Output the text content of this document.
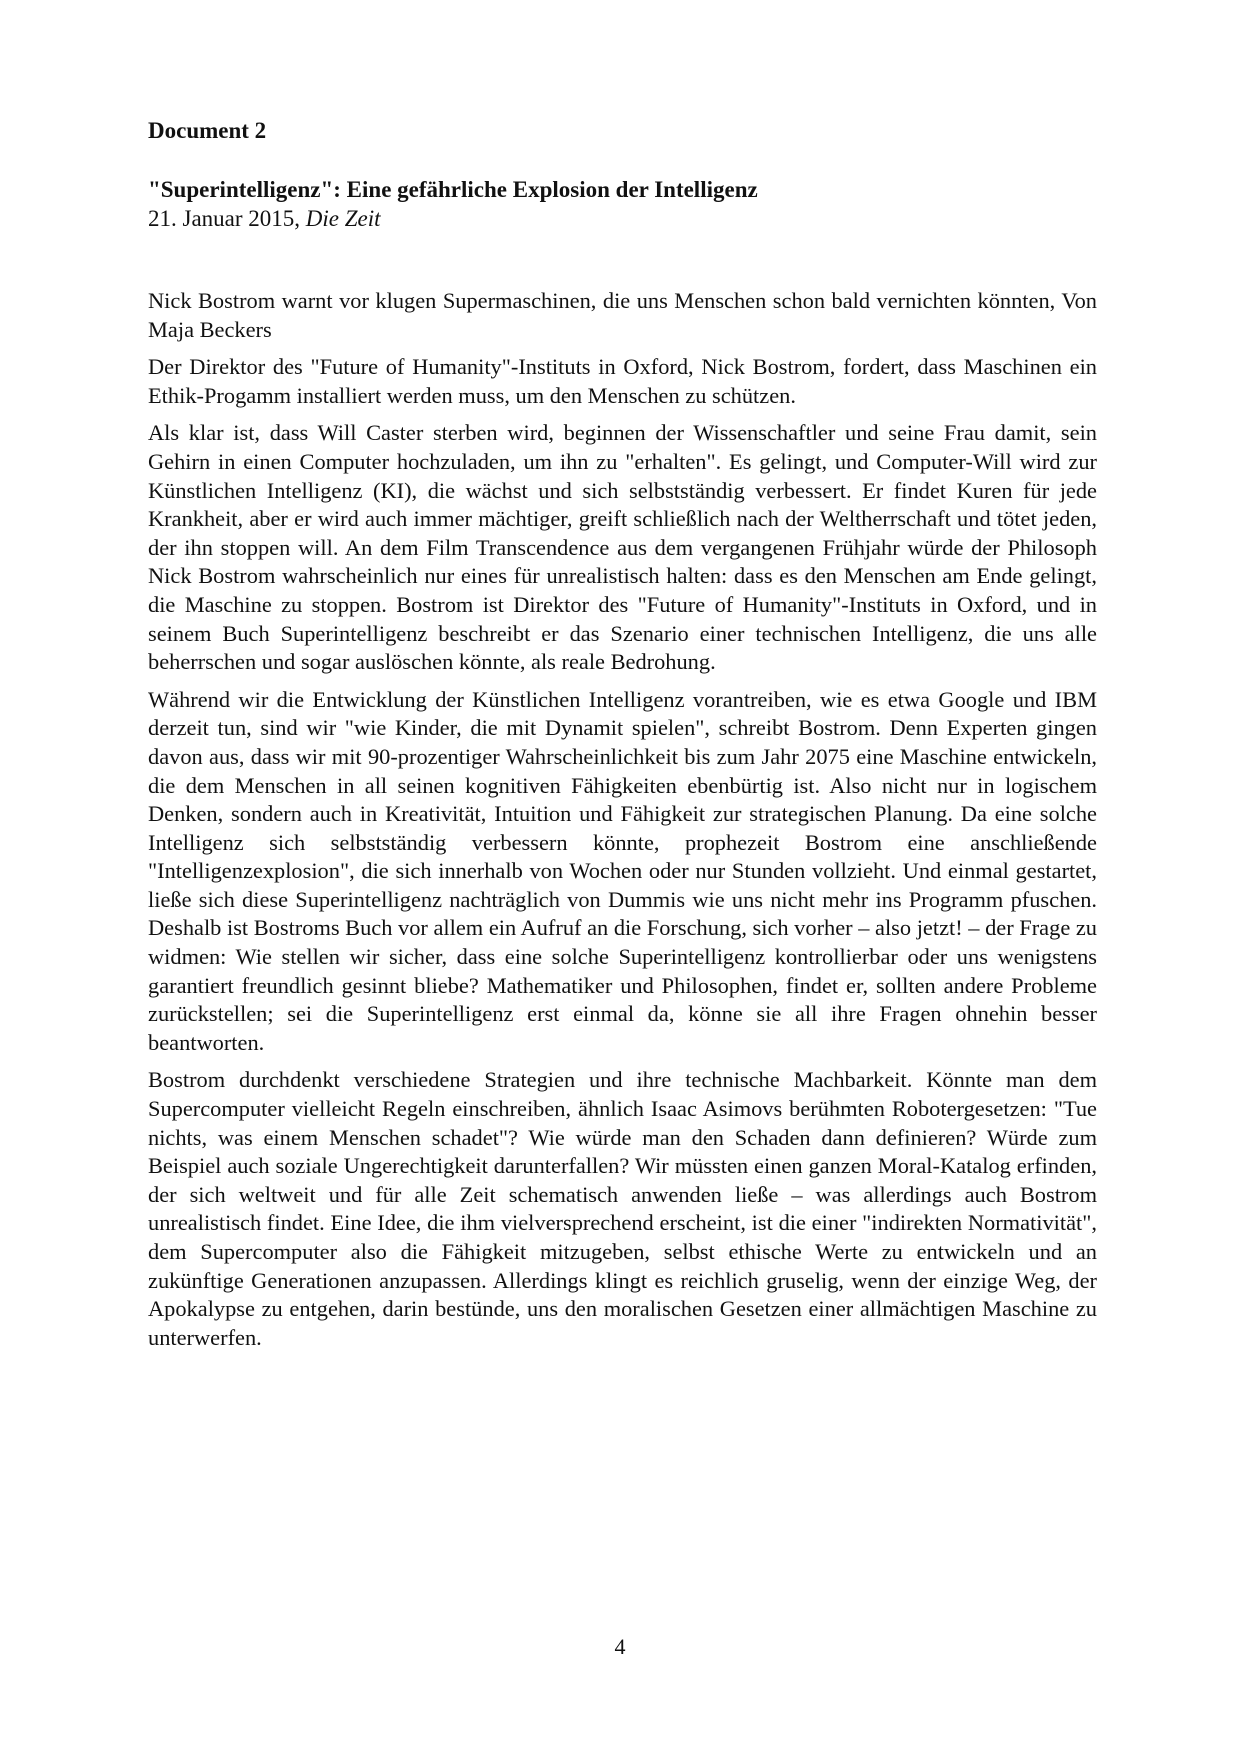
Document 2
"Superintelligenz": Eine gefährliche Explosion der Intelligenz
21. Januar 2015, Die Zeit

Nick Bostrom warnt vor klugen Supermaschinen, die uns Menschen schon bald vernichten könnten, Von Maja Beckers

Der Direktor des "Future of Humanity"-Instituts in Oxford, Nick Bostrom, fordert, dass Maschinen ein Ethik-Progamm installiert werden muss, um den Menschen zu schützen.

Als klar ist, dass Will Caster sterben wird, beginnen der Wissenschaftler und seine Frau damit, sein Gehirn in einen Computer hochzuladen, um ihn zu "erhalten". Es gelingt, und Computer-Will wird zur Künstlichen Intelligenz (KI), die wächst und sich selbstständig verbessert. Er findet Kuren für jede Krankheit, aber er wird auch immer mächtiger, greift schließlich nach der Weltherrschaft und tötet jeden, der ihn stoppen will. An dem Film Transcendence aus dem vergangenen Frühjahr würde der Philosoph Nick Bostrom wahrscheinlich nur eines für unrealistisch halten: dass es den Menschen am Ende gelingt, die Maschine zu stoppen. Bostrom ist Direktor des "Future of Humanity"-Instituts in Oxford, und in seinem Buch Superintelligenz beschreibt er das Szenario einer technischen Intelligenz, die uns alle beherrschen und sogar auslöschen könnte, als reale Bedrohung.

Während wir die Entwicklung der Künstlichen Intelligenz vorantreiben, wie es etwa Google und IBM derzeit tun, sind wir "wie Kinder, die mit Dynamit spielen", schreibt Bostrom. Denn Experten gingen davon aus, dass wir mit 90-prozentiger Wahrscheinlichkeit bis zum Jahr 2075 eine Maschine entwickeln, die dem Menschen in all seinen kognitiven Fähigkeiten ebenbürtig ist. Also nicht nur in logischem Denken, sondern auch in Kreativität, Intuition und Fähigkeit zur strategischen Planung. Da eine solche Intelligenz sich selbstständig verbessern könnte, prophezeit Bostrom eine anschließende "Intelligenzexplosion", die sich innerhalb von Wochen oder nur Stunden vollzieht. Und einmal gestartet, ließe sich diese Superintelligenz nachträglich von Dummis wie uns nicht mehr ins Programm pfuschen. Deshalb ist Bostroms Buch vor allem ein Aufruf an die Forschung, sich vorher – also jetzt! – der Frage zu widmen: Wie stellen wir sicher, dass eine solche Superintelligenz kontrollierbar oder uns wenigstens garantiert freundlich gesinnt bliebe? Mathematiker und Philosophen, findet er, sollten andere Probleme zurückstellen; sei die Superintelligenz erst einmal da, könne sie all ihre Fragen ohnehin besser beantworten.

Bostrom durchdenkt verschiedene Strategien und ihre technische Machbarkeit. Könnte man dem Supercomputer vielleicht Regeln einschreiben, ähnlich Isaac Asimovs berühmten Robotergesetzen: "Tue nichts, was einem Menschen schadet"? Wie würde man den Schaden dann definieren? Würde zum Beispiel auch soziale Ungerechtigkeit darunterfallen? Wir müssten einen ganzen Moral-Katalog erfinden, der sich weltweit und für alle Zeit schematisch anwenden ließe – was allerdings auch Bostrom unrealistisch findet. Eine Idee, die ihm vielversprechend erscheint, ist die einer "indirekten Normativität", dem Supercomputer also die Fähigkeit mitzugeben, selbst ethische Werte zu entwickeln und an zukünftige Generationen anzupassen. Allerdings klingt es reichlich gruselig, wenn der einzige Weg, der Apokalypse zu entgehen, darin bestünde, uns den moralischen Gesetzen einer allmächtigen Maschine zu unterwerfen.

4
